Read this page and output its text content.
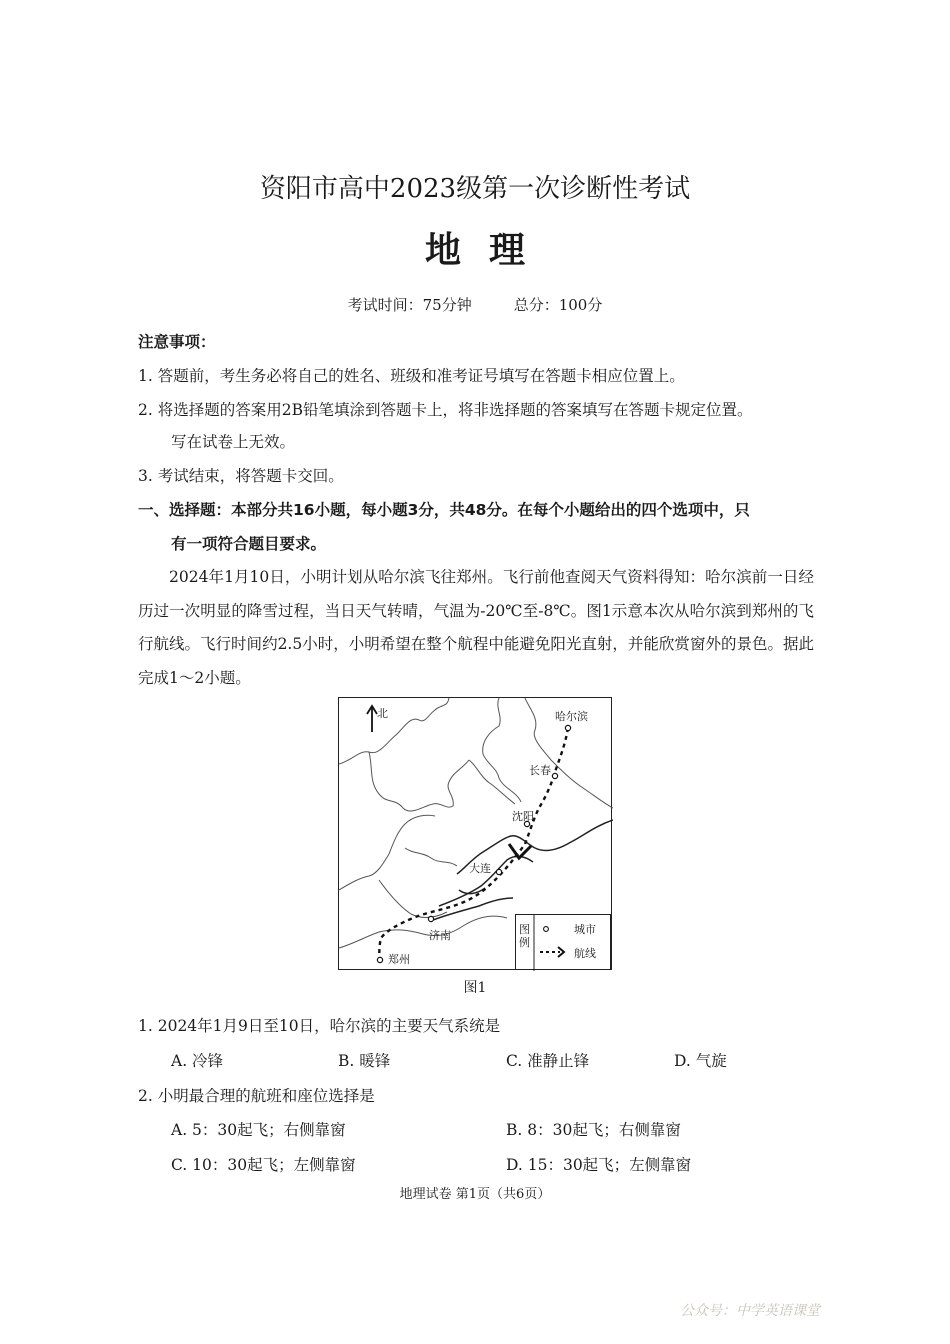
资阳市高中2023级第一次诊断性考试
地理
考试时间：75分钟	总分：100分
注意事项：
1. 答题前，考生务必将自己的姓名、班级和准考证号填写在答题卡相应位置上。
2. 将选择题的答案用2B铅笔填涂到答题卡上，将非选择题的答案填写在答题卡规定位置。
写在试卷上无效。
3. 考试结束，将答题卡交回。
一、选择题：本部分共16小题，每小题3分，共48分。在每个小题给出的四个选项中，只
有一项符合题目要求。
2024年1月10日，小明计划从哈尔滨飞往郑州。飞行前他查阅天气资料得知：哈尔滨前一日经历过一次明显的降雪过程，当日天气转晴，气温为-20℃至-8℃。图1示意本次从哈尔滨到郑州的飞行航线。飞行时间约2.5小时，小明希望在整个航程中能避免阳光直射，并能欣赏窗外的景色。据此完成1～2小题。
北	哈尔滨
长春
沈阳
大连
济南
郑州
图例
城市
航线
图1
1. 2024年1月9日至10日，哈尔滨的主要天气系统是
A. 冷锋	B. 暖锋	C. 准静止锋	D. 气旋
2. 小明最合理的航班和座位选择是
A. 5：30起飞；右侧靠窗	B. 8：30起飞；右侧靠窗
C. 10：30起飞；左侧靠窗	D. 15：30起飞；左侧靠窗
地理试卷 第1页（共6页）
公众号：中学英语课堂
